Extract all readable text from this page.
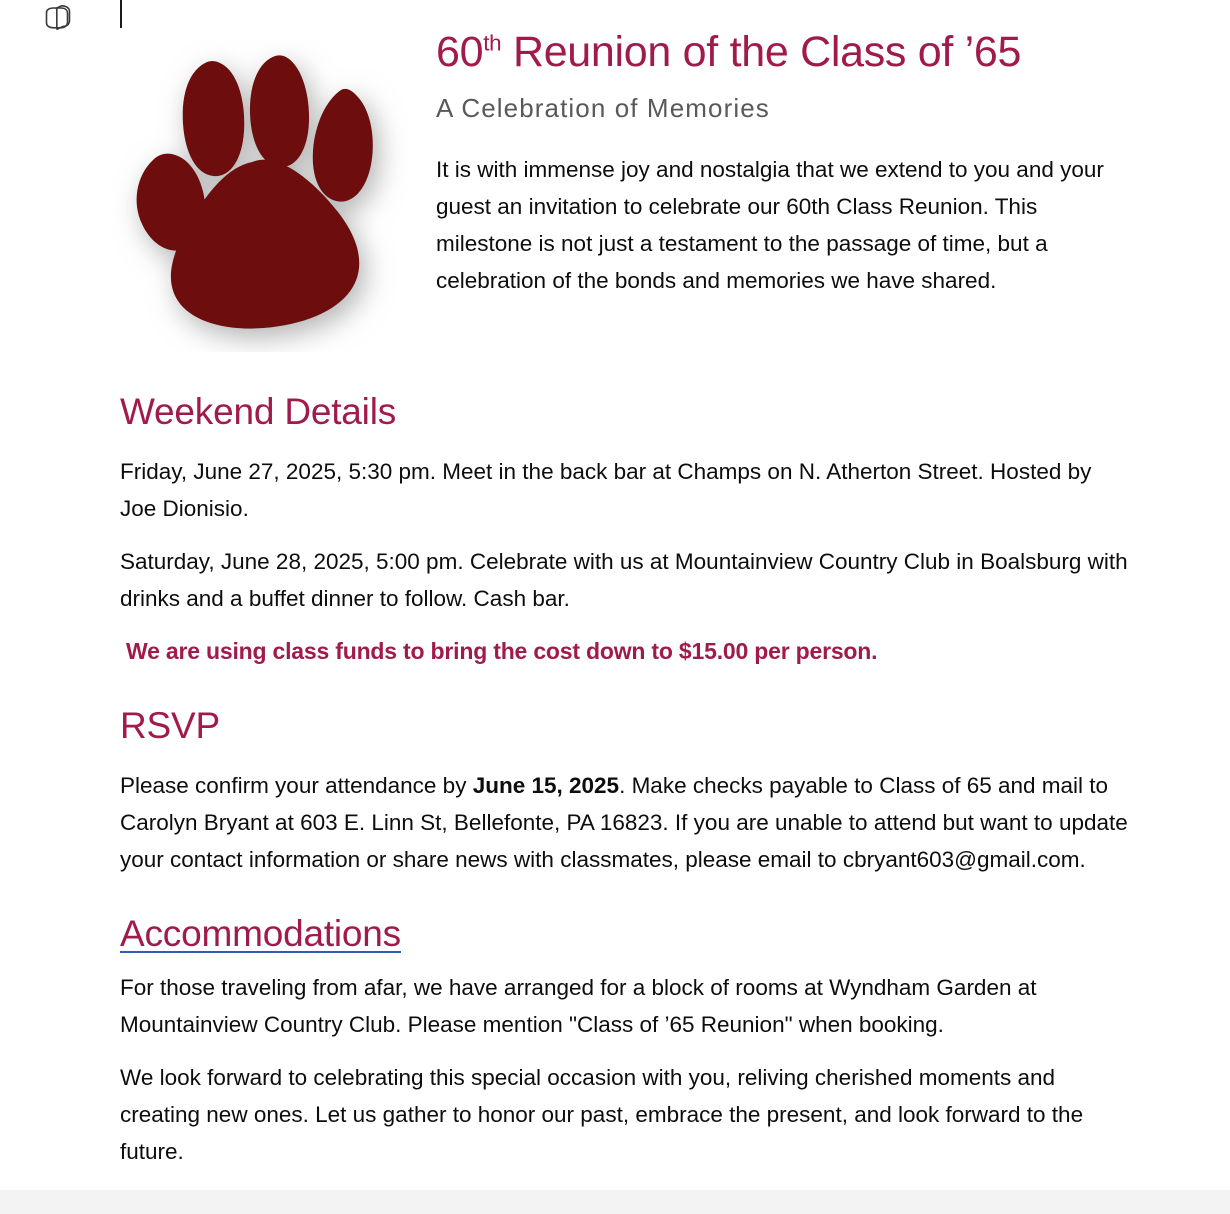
60th Reunion of the Class of ’65

A Celebration of Memories

It is with immense joy and nostalgia that we extend to you and your guest an invitation to celebrate our 60th Class Reunion. This milestone is not just a testament to the passage of time, but a celebration of the bonds and memories we have shared.

Weekend Details

Friday, June 27, 2025, 5:30 pm. Meet in the back bar at Champs on N. Atherton Street. Hosted by Joe Dionisio.

Saturday, June 28, 2025, 5:00 pm. Celebrate with us at Mountainview Country Club in Boalsburg with drinks and a buffet dinner to follow. Cash bar.

We are using class funds to bring the cost down to $15.00 per person.

RSVP

Please confirm your attendance by June 15, 2025. Make checks payable to Class of 65 and mail to Carolyn Bryant at 603 E. Linn St, Bellefonte, PA 16823. If you are unable to attend but want to update your contact information or share news with classmates, please email to cbryant603@gmail.com.

Accommodations

For those traveling from afar, we have arranged for a block of rooms at Wyndham Garden at Mountainview Country Club. Please mention "Class of ’65 Reunion" when booking.

We look forward to celebrating this special occasion with you, reliving cherished moments and creating new ones. Let us gather to honor our past, embrace the present, and look forward to the future.
